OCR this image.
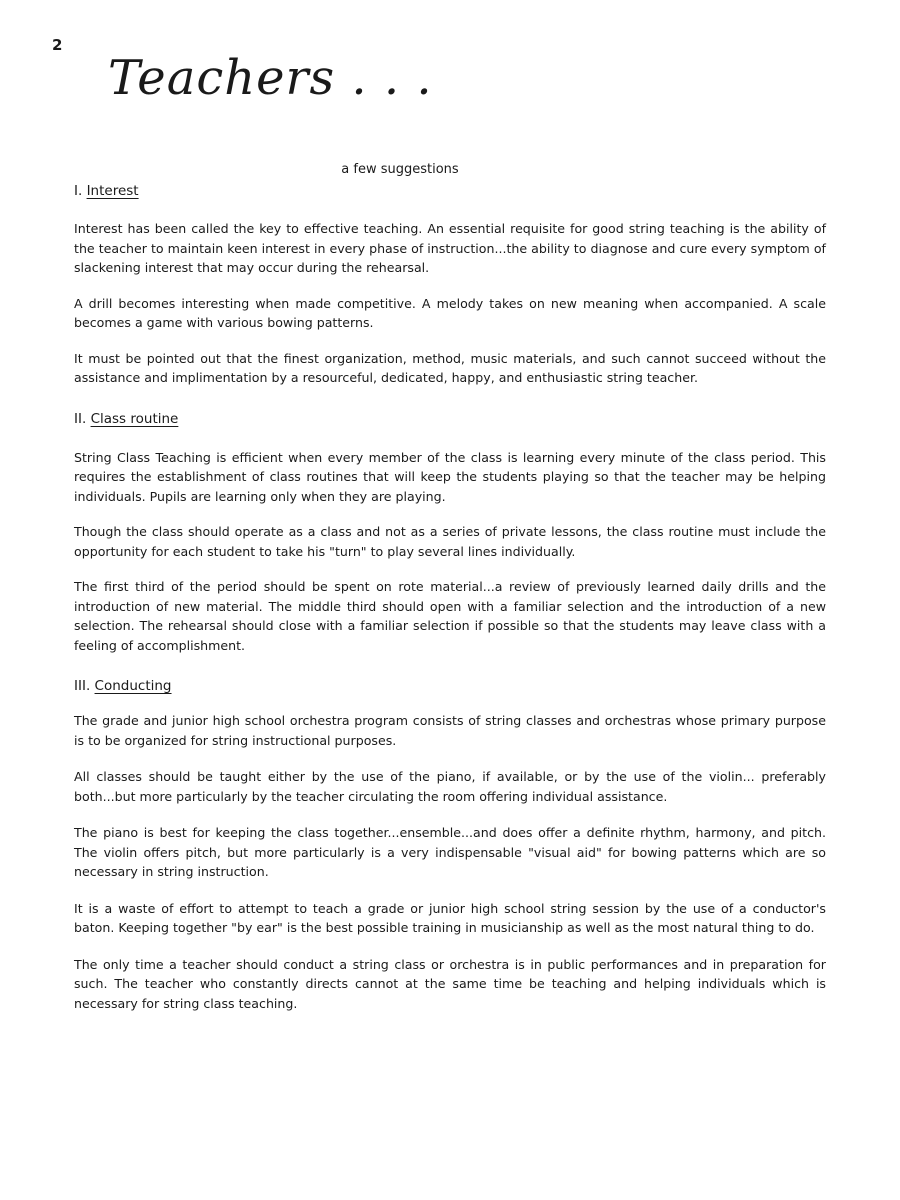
2
Teachers . . .
a few suggestions
I. Interest

Interest has been called the key to effective teaching. An essential requisite for good string teaching is the ability of the teacher to maintain keen interest in every phase of instruction...the ability to diagnose and cure every symptom of slackening interest that may occur during the rehearsal.

A drill becomes interesting when made competitive. A melody takes on new meaning when accompanied. A scale becomes a game with various bowing patterns.

It must be pointed out that the finest organization, method, music materials, and such cannot succeed without the assistance and implimentation by a resourceful, dedicated, happy, and enthusiastic string teacher.

II. Class routine

String Class Teaching is efficient when every member of the class is learning every minute of the class period. This requires the establishment of class routines that will keep the students playing so that the teacher may be helping individuals. Pupils are learning only when they are playing.

Though the class should operate as a class and not as a series of private lessons, the class routine must include the opportunity for each student to take his "turn" to play several lines individually.

The first third of the period should be spent on rote material...a review of previously learned daily drills and the introduction of new material. The middle third should open with a familiar selection and the introduction of a new selection. The rehearsal should close with a familiar selection if possible so that the students may leave class with a feeling of accomplishment.

III. Conducting

The grade and junior high school orchestra program consists of string classes and orchestras whose primary purpose is to be organized for string instructional purposes.

All classes should be taught either by the use of the piano, if available, or by the use of the violin... preferably both...but more particularly by the teacher circulating the room offering individual assistance.

The piano is best for keeping the class together...ensemble...and does offer a definite rhythm, harmony, and pitch. The violin offers pitch, but more particularly is a very indispensable "visual aid" for bowing patterns which are so necessary in string instruction.

It is a waste of effort to attempt to teach a grade or junior high school string session by the use of a conductor's baton. Keeping together "by ear" is the best possible training in musicianship as well as the most natural thing to do.

The only time a teacher should conduct a string class or orchestra is in public performances and in preparation for such. The teacher who constantly directs cannot at the same time be teaching and helping individuals which is necessary for string class teaching.
